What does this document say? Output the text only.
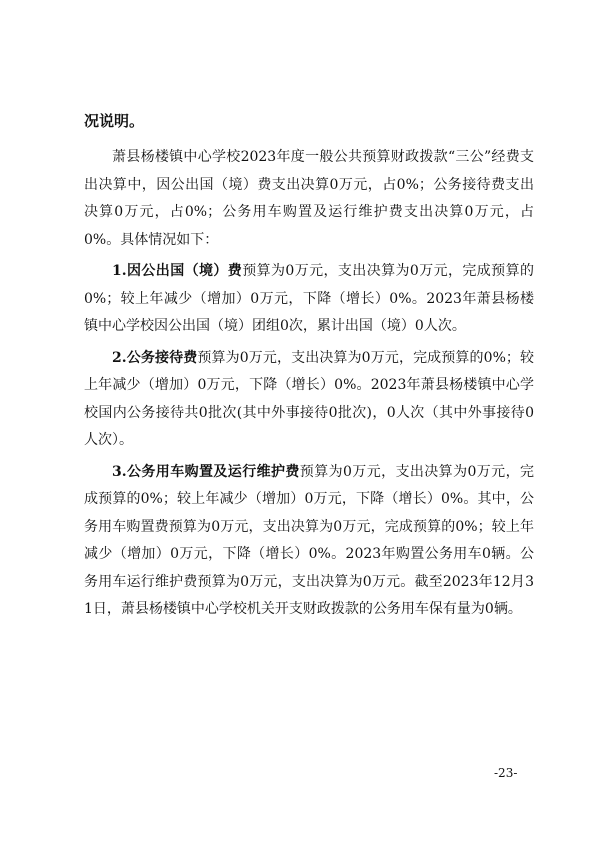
况说明。

萧县杨楼镇中心学校2023年度一般公共预算财政拨款“三公”经费支出决算中，因公出国（境）费支出决算0万元，占0%；公务接待费支出决算0万元，占0%；公务用车购置及运行维护费支出决算0万元，占0%。具体情况如下：

1.因公出国（境）费预算为0万元，支出决算为0万元，完成预算的0%；较上年减少（增加）0万元，下降（增长）0%。2023年萧县杨楼镇中心学校因公出国（境）团组0次，累计出国（境）0人次。

2.公务接待费预算为0万元，支出决算为0万元，完成预算的0%；较上年减少（增加）0万元，下降（增长）0%。2023年萧县杨楼镇中心学校国内公务接待共0批次(其中外事接待0批次)，0人次（其中外事接待0人次）。

3.公务用车购置及运行维护费预算为0万元，支出决算为0万元，完成预算的0%；较上年减少（增加）0万元，下降（增长）0%。其中，公务用车购置费预算为0万元，支出决算为0万元，完成预算的0%；较上年减少（增加）0万元，下降（增长）0%。2023年购置公务用车0辆。公务用车运行维护费预算为0万元，支出决算为0万元。截至2023年12月31日，萧县杨楼镇中心学校机关开支财政拨款的公务用车保有量为0辆。

-23-
